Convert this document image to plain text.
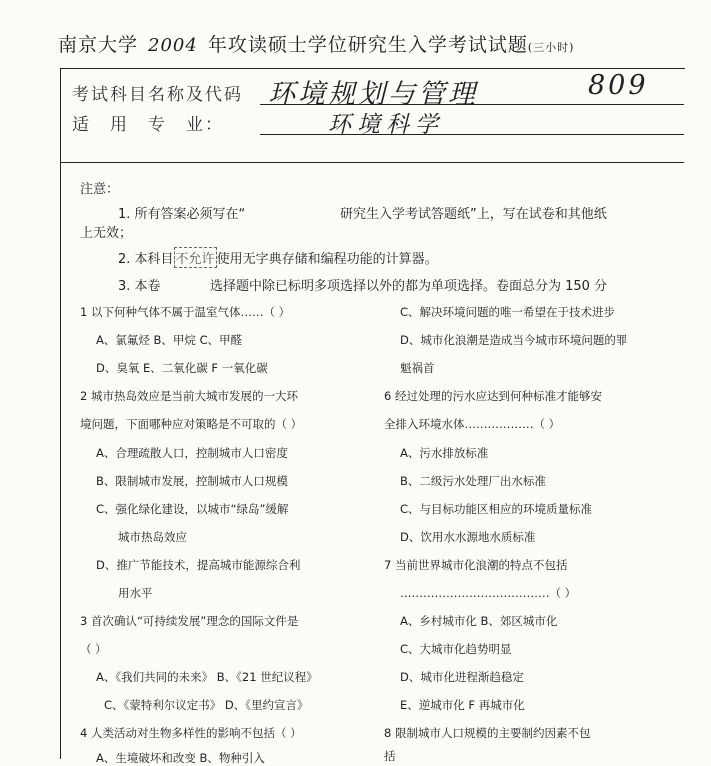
南京大学 2004 年攻读硕士学位研究生入学考试试题(三小时)
考试科目名称及代码 环境规划与管理	809
适　用　专　业：	环境科学
注意：
1. 所有答案必须写在“	研究生入学考试答题纸”上，写在试卷和其他纸
上无效；
2. 本科目 不允许 使用无字典存储和编程功能的计算器。
3. 本卷	选择题中除已标明多项选择以外的都为单项选择。卷面总分为 150 分
1 以下何种气体不属于温室气体……（ ）
A、氯氟烃 B、甲烷 C、甲醛
D、臭氧 E、二氧化碳 F 一氧化碳
2 城市热岛效应是当前大城市发展的一大环
境问题，下面哪种应对策略是不可取的（ ）
A、合理疏散人口，控制城市人口密度
B、限制城市发展，控制城市人口规模
C、强化绿化建设，以城市“绿岛”缓解
城市热岛效应
D、推广节能技术，提高城市能源综合利
用水平
3 首次确认“可持续发展”理念的国际文件是
（ ）
A、《我们共同的未来》 B、《21 世纪议程》
C、《蒙特利尔议定书》 D、《里约宣言》
4 人类活动对生物多样性的影响不包括（ ）
A、生境破坏和改变 B、物种引入
C、解决环境问题的唯一希望在于技术进步
D、城市化浪潮是造成当今城市环境问题的罪
魁祸首
6 经过处理的污水应达到何种标准才能够安
全排入环境水体………………（ ）
A、污水排放标准
B、二级污水处理厂出水标准
C、与目标功能区相应的环境质量标准
D、饮用水水源地水质标准
7 当前世界城市化浪潮的特点不包括
…………………………………（ ）
A、乡村城市化 B、郊区城市化
C、大城市化趋势明显
D、城市化进程渐趋稳定
E、逆城市化 F 再城市化
8 限制城市人口规模的主要制约因素不包
括
